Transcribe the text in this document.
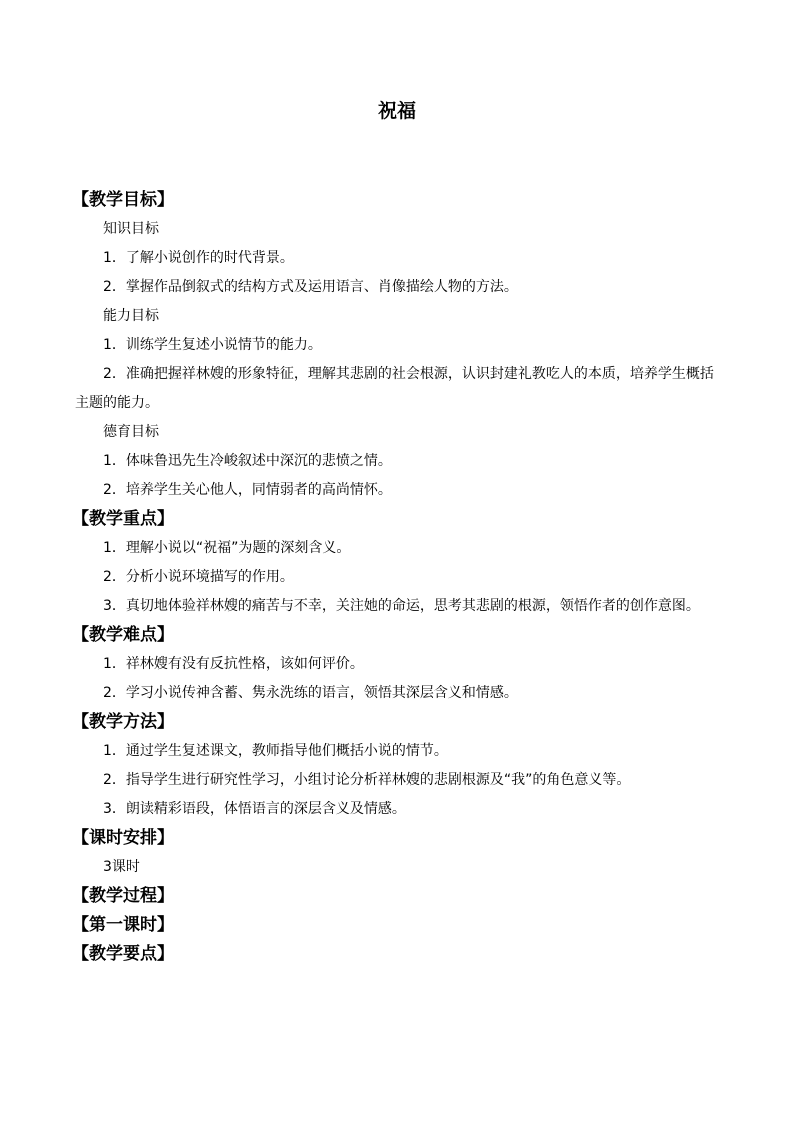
祝福
【教学目标】
知识目标
1．了解小说创作的时代背景。
2．掌握作品倒叙式的结构方式及运用语言、肖像描绘人物的方法。
能力目标
1．训练学生复述小说情节的能力。
2．准确把握祥林嫂的形象特征，理解其悲剧的社会根源，认识封建礼教吃人的本质，培养学生概括主题的能力。
德育目标
1．体味鲁迅先生冷峻叙述中深沉的悲愤之情。
2．培养学生关心他人，同情弱者的高尚情怀。
【教学重点】
1．理解小说以“祝福”为题的深刻含义。
2．分析小说环境描写的作用。
3．真切地体验祥林嫂的痛苦与不幸，关注她的命运，思考其悲剧的根源，领悟作者的创作意图。
【教学难点】
1．祥林嫂有没有反抗性格，该如何评价。
2．学习小说传神含蓄、隽永洗练的语言，领悟其深层含义和情感。
【教学方法】
1．通过学生复述课文，教师指导他们概括小说的情节。
2．指导学生进行研究性学习，小组讨论分析祥林嫂的悲剧根源及“我”的角色意义等。
3．朗读精彩语段，体悟语言的深层含义及情感。
【课时安排】
3课时
【教学过程】
【第一课时】
【教学要点】
